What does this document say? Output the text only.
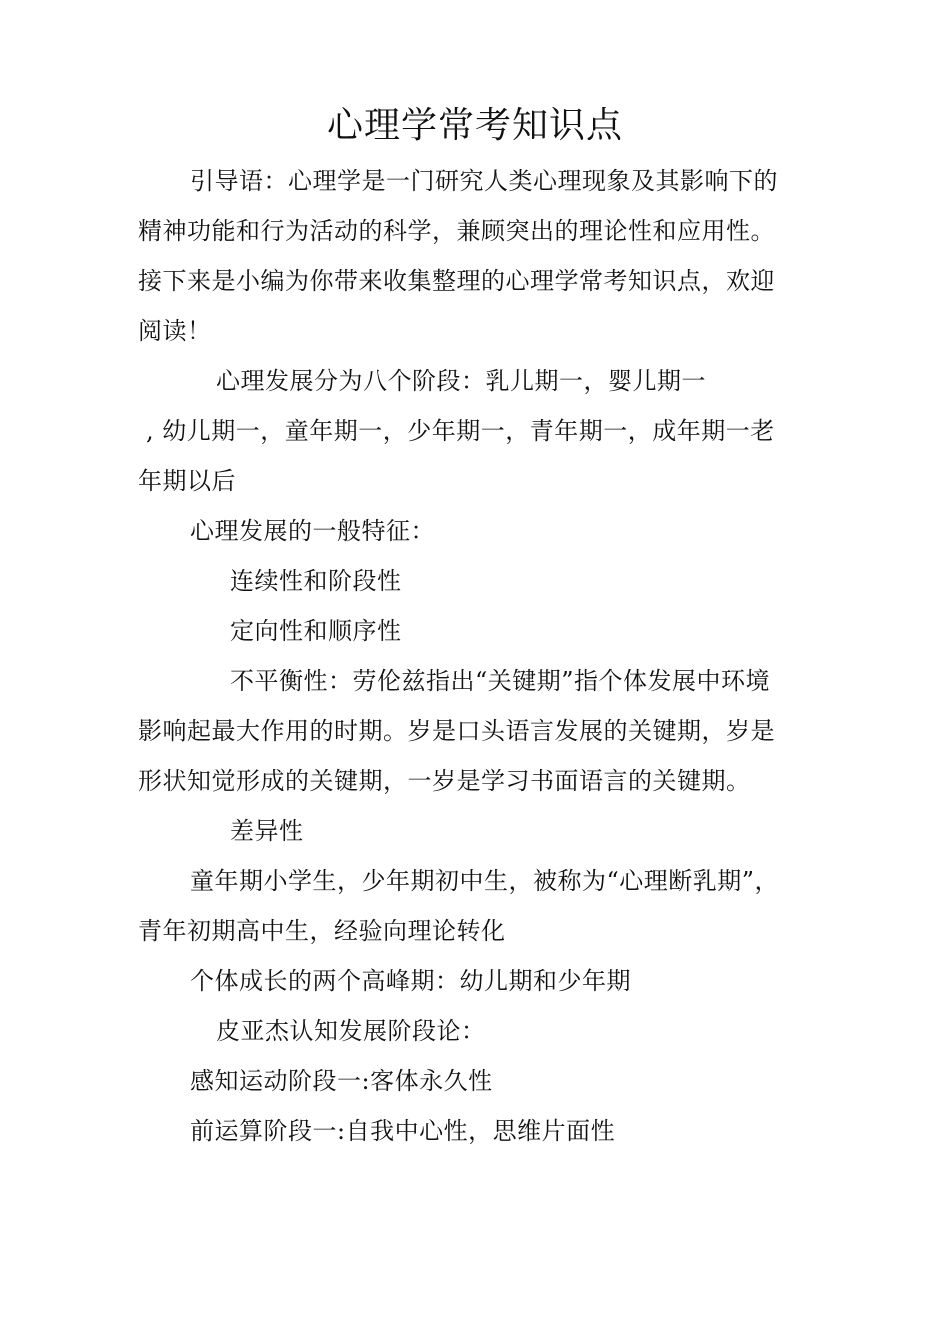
心理学常考知识点
引导语：心理学是一门研究人类心理现象及其影响下的
精神功能和行为活动的科学，兼顾突出的理论性和应用性。
接下来是小编为你带来收集整理的心理学常考知识点，欢迎
阅读！
心理发展分为八个阶段：乳儿期一，婴儿期一
, 幼儿期一，童年期一，少年期一，青年期一，成年期一老
年期以后
心理发展的一般特征：
连续性和阶段性
定向性和顺序性
不平衡性：劳伦兹指出“关键期”指个体发展中环境
影响起最大作用的时期。岁是口头语言发展的关键期，岁是
形状知觉形成的关键期，一岁是学习书面语言的关键期。
差异性
童年期小学生，少年期初中生，被称为“心理断乳期”，
青年初期高中生，经验向理论转化
个体成长的两个高峰期：幼儿期和少年期
皮亚杰认知发展阶段论：
感知运动阶段一:客体永久性
前运算阶段一:自我中心性，思维片面性
